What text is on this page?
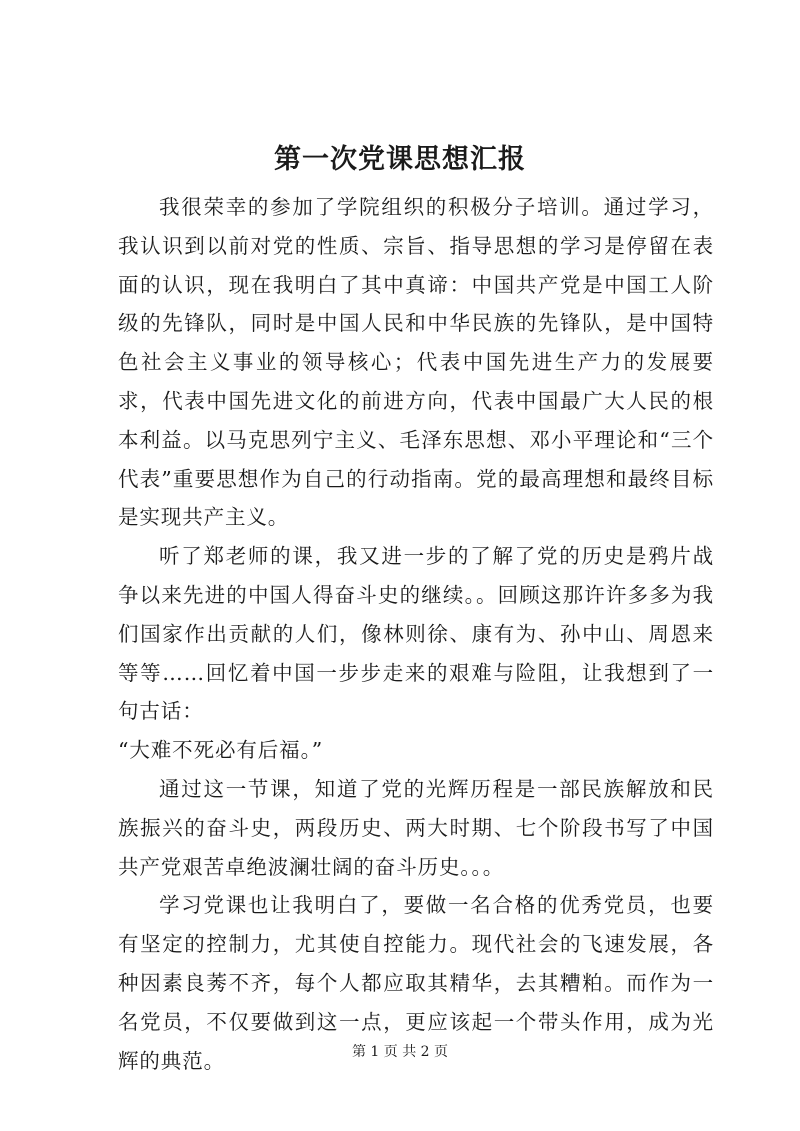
第一次党课思想汇报

我很荣幸的参加了学院组织的积极分子培训。通过学习，我认识到以前对党的性质、宗旨、指导思想的学习是停留在表面的认识，现在我明白了其中真谛：中国共产党是中国工人阶级的先锋队，同时是中国人民和中华民族的先锋队，是中国特色社会主义事业的领导核心；代表中国先进生产力的发展要求，代表中国先进文化的前进方向，代表中国最广大人民的根本利益。以马克思列宁主义、毛泽东思想、邓小平理论和“三个代表”重要思想作为自己的行动指南。党的最高理想和最终目标是实现共产主义。

听了郑老师的课，我又进一步的了解了党的历史是鸦片战争以来先进的中国人得奋斗史的继续。。回顾这那许许多多为我们国家作出贡献的人们，像林则徐、康有为、孙中山、周恩来等等……回忆着中国一步步走来的艰难与险阻，让我想到了一句古话：

“大难不死必有后福。”

通过这一节课，知道了党的光辉历程是一部民族解放和民族振兴的奋斗史，两段历史、两大时期、七个阶段书写了中国共产党艰苦卓绝波澜壮阔的奋斗历史。。。

学习党课也让我明白了，要做一名合格的优秀党员，也要有坚定的控制力，尤其使自控能力。现代社会的飞速发展，各种因素良莠不齐，每个人都应取其精华，去其糟粕。而作为一名党员，不仅要做到这一点，更应该起一个带头作用，成为光辉的典范。	第 1 页 共 2 页
